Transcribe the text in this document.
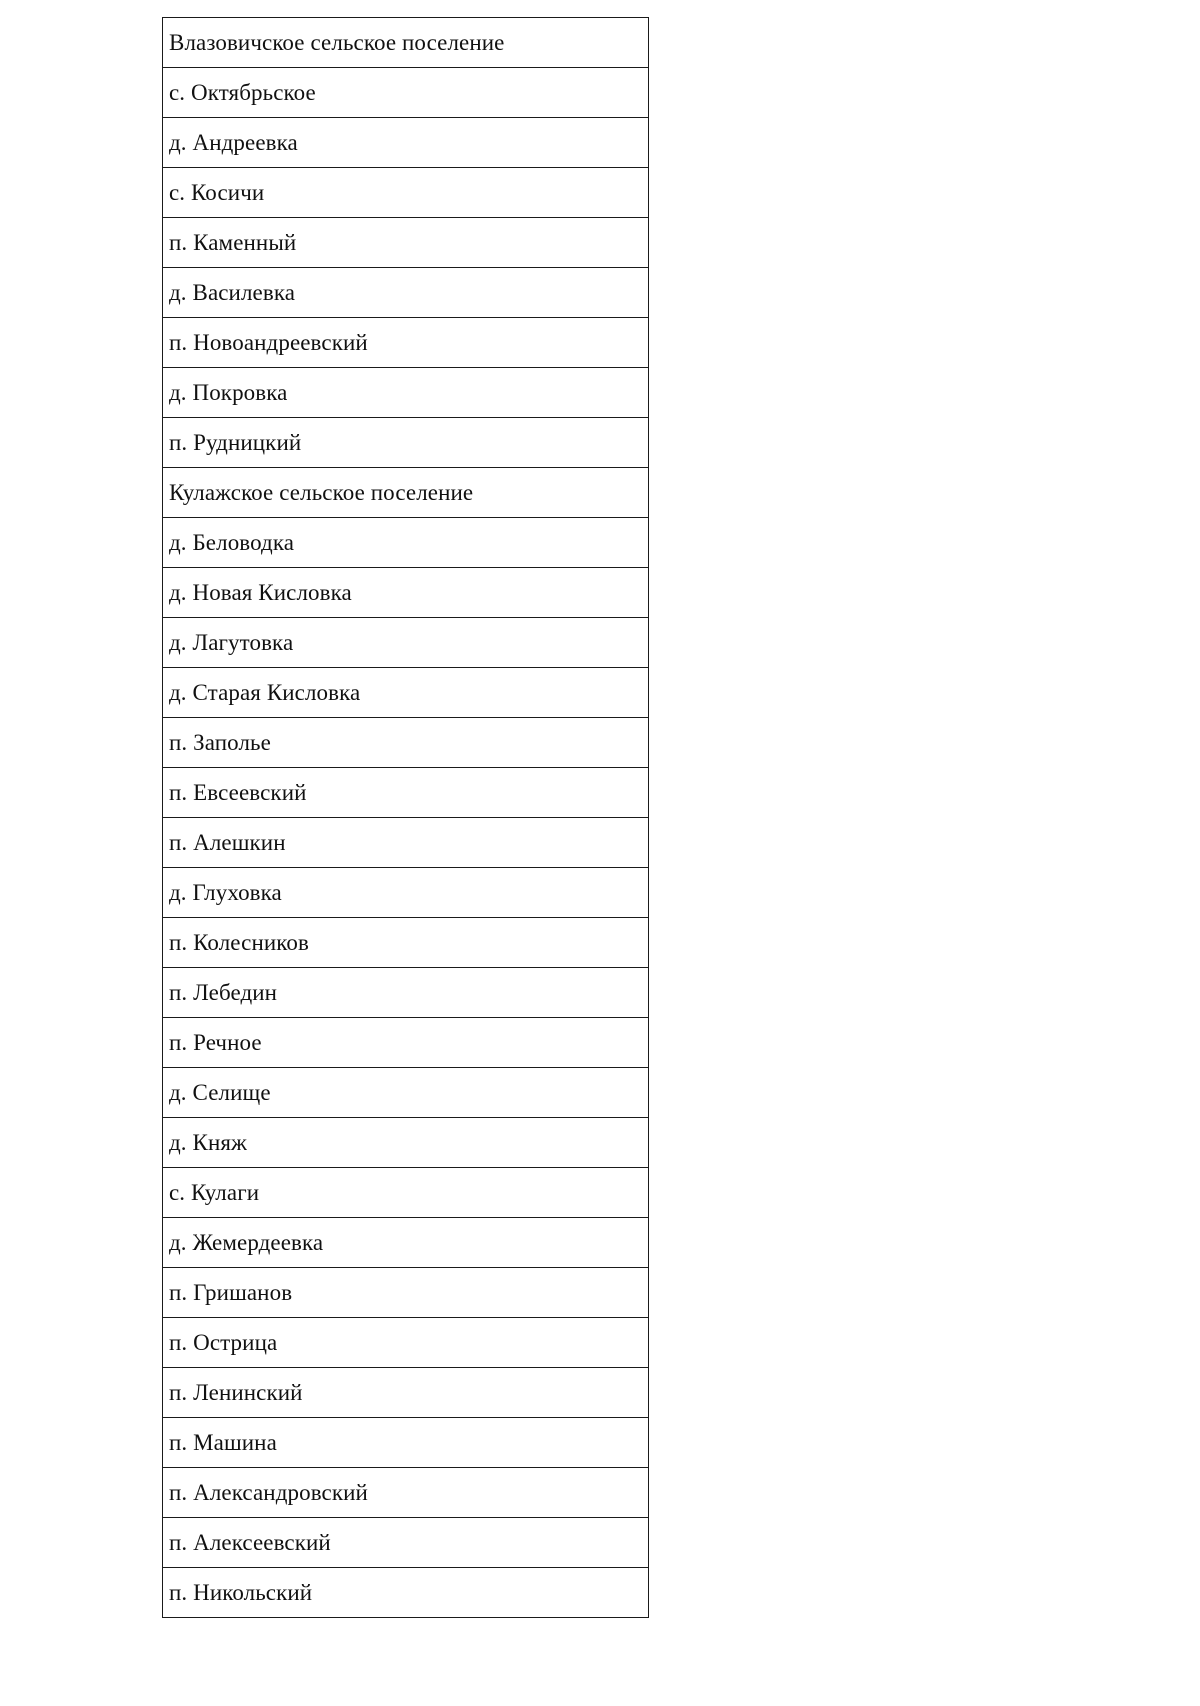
Влазовичское сельское поселение
с. Октябрьское
д. Андреевка
с. Косичи
п. Каменный
д. Василевка
п. Новоандреевский
д. Покровка
п. Рудницкий
Кулажское сельское поселение
д. Беловодка
д. Новая Кисловка
д. Лагутовка
д. Старая Кисловка
п. Заполье
п. Евсеевский
п. Алешкин
д. Глуховка
п. Колесников
п. Лебедин
п. Речное
д. Селище
д. Княж
с. Кулаги
д. Жемердеевка
п. Гришанов
п. Острица
п. Ленинский
п. Машина
п. Александровский
п. Алексеевский
п. Никольский
